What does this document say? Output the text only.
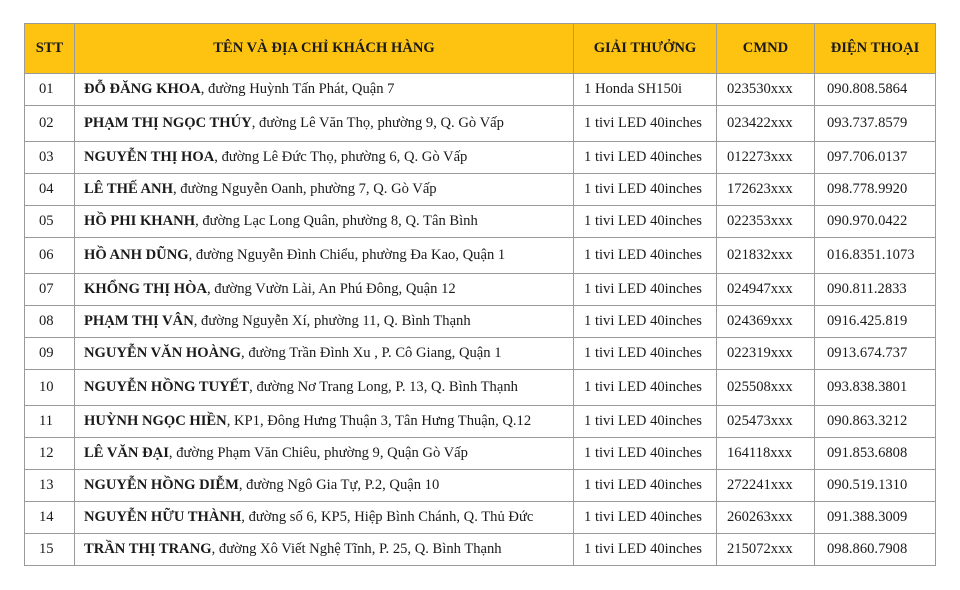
STT	TÊN VÀ ĐỊA CHỈ KHÁCH HÀNG	GIẢI THƯỞNG	CMND	ĐIỆN THOẠI
01	ĐỖ ĐĂNG KHOA, đường Huỳnh Tấn Phát, Quận 7	1 Honda SH150i	023530xxx	090.808.5864
02	PHẠM THỊ NGỌC THÚY, đường Lê Văn Thọ, phường 9, Q. Gò Vấp	1 tivi LED 40inches	023422xxx	093.737.8579
03	NGUYỄN THỊ HOA, đường Lê Đức Thọ, phường 6, Q. Gò Vấp	1 tivi LED 40inches	012273xxx	097.706.0137
04	LÊ THẾ ANH, đường Nguyễn Oanh, phường 7, Q. Gò Vấp	1 tivi LED 40inches	172623xxx	098.778.9920
05	HỒ PHI KHANH, đường Lạc Long Quân, phường 8, Q. Tân Bình	1 tivi LED 40inches	022353xxx	090.970.0422
06	HỒ ANH DŨNG, đường Nguyễn Đình Chiểu, phường Đa Kao, Quận 1	1 tivi LED 40inches	021832xxx	016.8351.1073
07	KHỔNG THỊ HÒA, đường Vườn Lài, An Phú Đông, Quận 12	1 tivi LED 40inches	024947xxx	090.811.2833
08	PHẠM THỊ VÂN, đường Nguyễn Xí, phường 11, Q. Bình Thạnh	1 tivi LED 40inches	024369xxx	0916.425.819
09	NGUYỄN VĂN HOÀNG, đường Trần Đình Xu , P. Cô Giang, Quận 1	1 tivi LED 40inches	022319xxx	0913.674.737
10	NGUYỄN HỒNG TUYẾT, đường Nơ Trang Long, P. 13, Q. Bình Thạnh	1 tivi LED 40inches	025508xxx	093.838.3801
11	HUỲNH NGỌC HIỀN, KP1, Đông Hưng Thuận 3, Tân Hưng Thuận, Q.12	1 tivi LED 40inches	025473xxx	090.863.3212
12	LÊ VĂN ĐẠI, đường Phạm Văn Chiêu, phường 9, Quận Gò Vấp	1 tivi LED 40inches	164118xxx	091.853.6808
13	NGUYỄN HỒNG DIỄM, đường Ngô Gia Tự, P.2, Quận 10	1 tivi LED 40inches	272241xxx	090.519.1310
14	NGUYỄN HỮU THÀNH, đường số 6, KP5, Hiệp Bình Chánh, Q. Thủ Đức	1 tivi LED 40inches	260263xxx	091.388.3009
15	TRẦN THỊ TRANG, đường Xô Viết Nghệ Tĩnh, P. 25, Q. Bình Thạnh	1 tivi LED 40inches	215072xxx	098.860.7908
